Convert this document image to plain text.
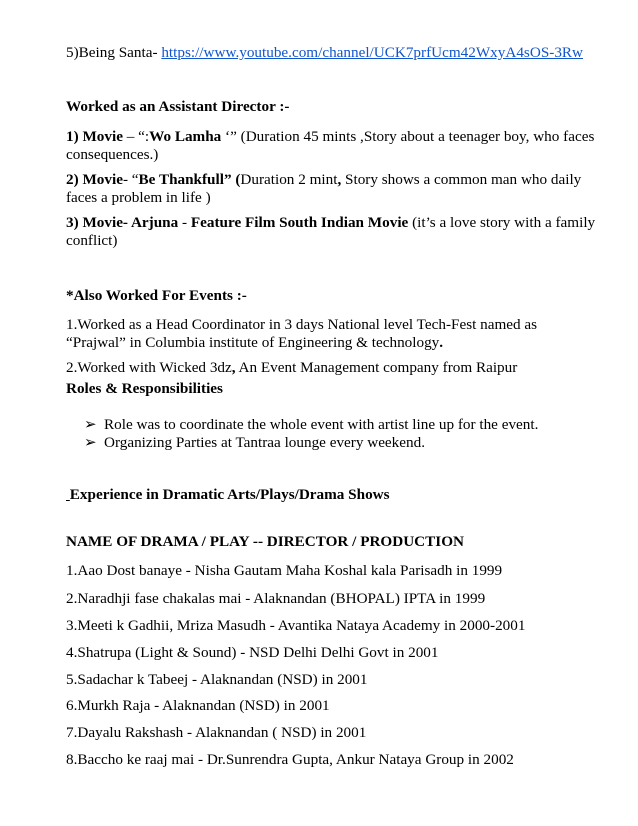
5)Being Santa- https://www.youtube.com/channel/UCK7prfUcm42WxyA4sOS-3Rw
Worked as an Assistant Director :-
1) Movie – “:Wo Lamha ‘” (Duration 45 mints ,Story about a teenager boy, who faces
consequences.)
2) Movie- “Be Thankfull” (Duration 2 mint, Story shows a common man who daily
faces a problem in life )
3) Movie- Arjuna - Feature Film South Indian Movie (it’s a love story with a family
conflict)
*Also Worked For Events :-
1.Worked as a Head Coordinator in 3 days National level Tech-Fest named as
“Prajwal” in Columbia institute of Engineering & technology.
2.Worked with Wicked 3dz, An Event Management company from Raipur
Roles & Responsibilities
➢ Role was to coordinate the whole event with artist line up for the event.
➢ Organizing Parties at Tantraa lounge every weekend.
Experience in Dramatic Arts/Plays/Drama Shows
NAME OF DRAMA / PLAY -- DIRECTOR / PRODUCTION
1.Aao Dost banaye - Nisha Gautam Maha Koshal kala Parisadh in 1999
2.Naradhji fase chakalas mai - Alaknandan (BHOPAL) IPTA in 1999
3.Meeti k Gadhii, Mriza Masudh - Avantika Nataya Academy in 2000-2001
4.Shatrupa (Light & Sound) - NSD Delhi Delhi Govt in 2001
5.Sadachar k Tabeej - Alaknandan (NSD) in 2001
6.Murkh Raja - Alaknandan (NSD) in 2001
7.Dayalu Rakshash - Alaknandan ( NSD) in 2001
8.Baccho ke raaj mai - Dr.Sunrendra Gupta, Ankur Nataya Group in 2002
